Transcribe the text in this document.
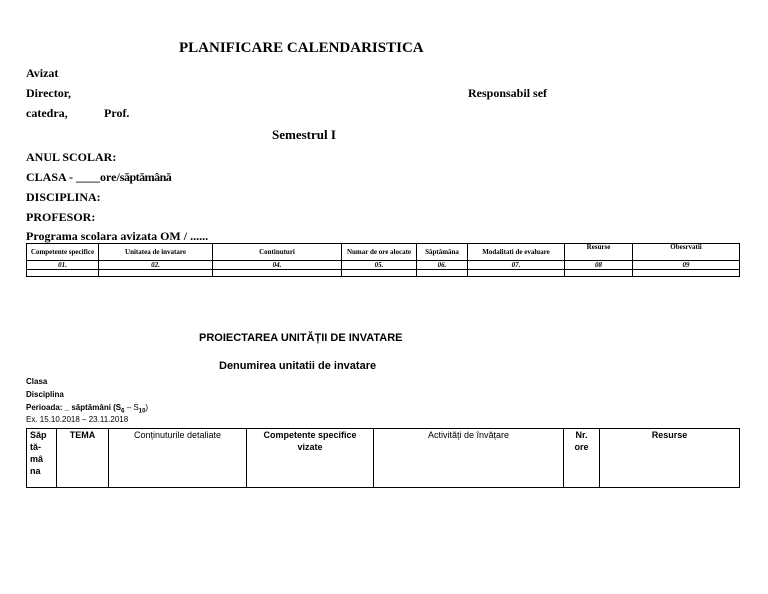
PLANIFICARE CALENDARISTICA
Avizat
Director,	Responsabil sef
catedra,	Prof.
Semestrul I
ANUL SCOLAR:
CLASA - ____ore/săptămână
DISCIPLINA:
PROFESOR:
Programa scolara avizata OM / ......
Competente specifice	Unitatea de invatare	Continuturi	Numar de ore alocate	Săptămâna	Modalitati de evaluare	Resurse	Obesrvatii
01.	02.	04.	05.	06.	07.	08	09

PROIECTAREA UNITĂȚII DE INVATARE
Denumirea unitatii de invatare
Clasa
Disciplina
Perioada: _ săptămâni $(S_6 - S_{10})$
Ex. 15.10.2018 – 23.11.2018
Săp tă- mâ na	TEMA	Conținuturile detaliate	Competente specifice vizate	Activități de învățare	Nr. ore	Resurse
